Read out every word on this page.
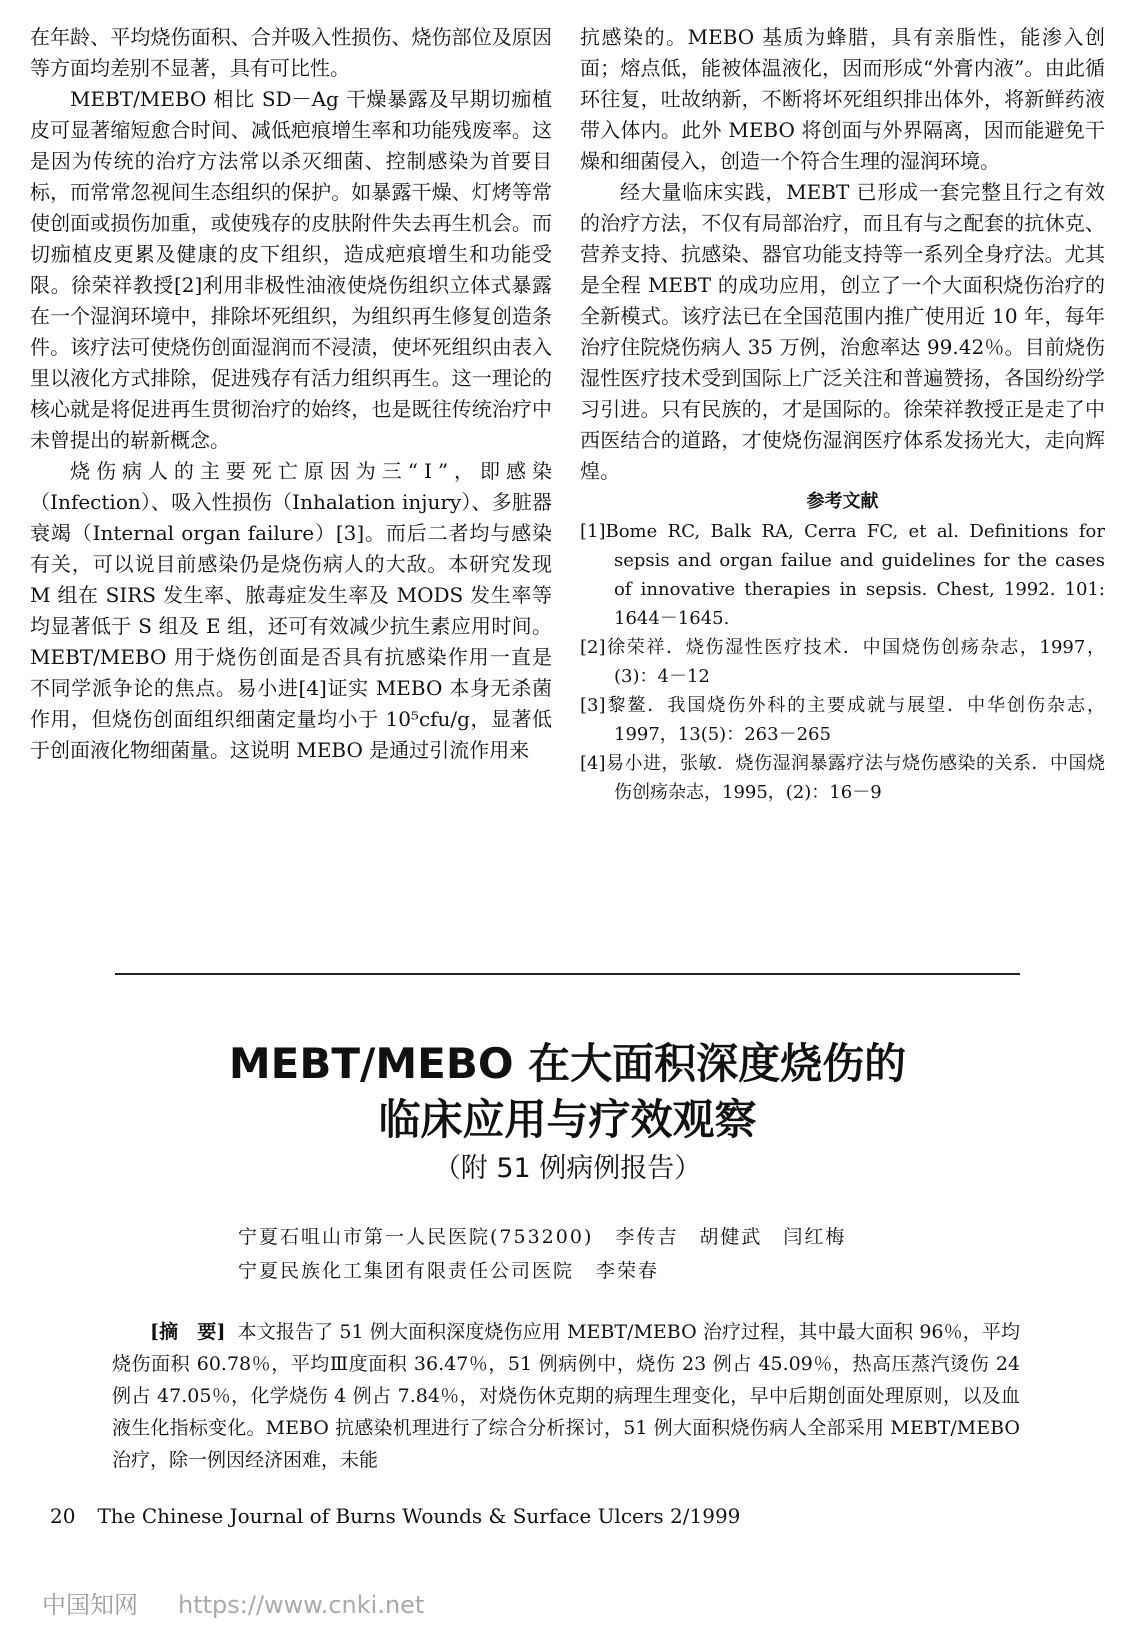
在年龄、平均烧伤面积、合并吸入性损伤、烧伤部位及原因等方面均差别不显著，具有可比性。

MEBT/MEBO 相比 SD－Ag 干燥暴露及早期切痂植皮可显著缩短愈合时间、减低疤痕增生率和功能残废率。这是因为传统的治疗方法常以杀灭细菌、控制感染为首要目标，而常常忽视间生态组织的保护。如暴露干燥、灯烤等常使创面或损伤加重，或使残存的皮肤附件失去再生机会。而切痂植皮更累及健康的皮下组织，造成疤痕增生和功能受限。徐荣祥教授[2]利用非极性油液使烧伤组织立体式暴露在一个湿润环境中，排除坏死组织，为组织再生修复创造条件。该疗法可使烧伤创面湿润而不浸渍，使坏死组织由表入里以液化方式排除，促进残存有活力组织再生。这一理论的核心就是将促进再生贯彻治疗的始终，也是既往传统治疗中未曾提出的崭新概念。

烧伤病人的主要死亡原因为三“Ⅰ”，即感染（Infection）、吸入性损伤（Inhalation injury）、多脏器衰竭（Internal organ failure）[3]。而后二者均与感染有关，可以说目前感染仍是烧伤病人的大敌。本研究发现 M 组在 SIRS 发生率、脓毒症发生率及 MODS 发生率等均显著低于 S 组及 E 组，还可有效减少抗生素应用时间。MEBT/MEBO 用于烧伤创面是否具有抗感染作用一直是不同学派争论的焦点。易小进[4]证实 MEBO 本身无杀菌作用，但烧伤创面组织细菌定量均小于 10⁵cfu/g，显著低于创面液化物细菌量。这说明 MEBO 是通过引流作用来

抗感染的。MEBO 基质为蜂腊，具有亲脂性，能渗入创面；熔点低，能被体温液化，因而形成“外膏内液”。由此循环往复，吐故纳新，不断将坏死组织排出体外，将新鲜药液带入体内。此外 MEBO 将创面与外界隔离，因而能避免干燥和细菌侵入，创造一个符合生理的湿润环境。

经大量临床实践，MEBT 已形成一套完整且行之有效的治疗方法，不仅有局部治疗，而且有与之配套的抗休克、营养支持、抗感染、器官功能支持等一系列全身疗法。尤其是全程 MEBT 的成功应用，创立了一个大面积烧伤治疗的全新模式。该疗法已在全国范围内推广使用近 10 年，每年治疗住院烧伤病人 35 万例，治愈率达 99.42％。目前烧伤湿性医疗技术受到国际上广泛关注和普遍赞扬，各国纷纷学习引进。只有民族的，才是国际的。徐荣祥教授正是走了中西医结合的道路，才使烧伤湿润医疗体系发扬光大，走向辉煌。

参考文献

[1]Bome RC, Balk RA, Cerra FC, et al. Definitions for sepsis and organ failue and guidelines for the cases of innovative therapies in sepsis. Chest, 1992. 101: 1644－1645.

[2]徐荣祥．烧伤湿性医疗技术．中国烧伤创疡杂志，1997，(3)：4－12

[3]黎鳌．我国烧伤外科的主要成就与展望．中华创伤杂志，1997，13(5)：263－265

[4]易小进，张敏．烧伤湿润暴露疗法与烧伤感染的关系．中国烧伤创疡杂志，1995，(2)：16－9

MEBT/MEBO 在大面积深度烧伤的
临床应用与疗效观察
（附 51 例病例报告）
宁夏石咀山市第一人民医院(753200) 李传吉　胡健武　闫红梅
宁夏民族化工集团有限责任公司医院 李荣春
[摘　要] 本文报告了 51 例大面积深度烧伤应用 MEBT/MEBO 治疗过程，其中最大面积 96％，平均烧伤面积 60.78％，平均Ⅲ度面积 36.47％，51 例病例中，烧伤 23 例占 45.09％，热高压蒸汽烫伤 24 例占 47.05％，化学烧伤 4 例占 7.84％，对烧伤休克期的病理生理变化，早中后期创面处理原则，以及血液生化指标变化。MEBO 抗感染机理进行了综合分析探讨，51 例大面积烧伤病人全部采用 MEBT/MEBO 治疗，除一例因经济困难，未能
20 The Chinese Journal of Burns Wounds & Surface Ulcers 2/1999
中国知网 https://www.cnki.net
